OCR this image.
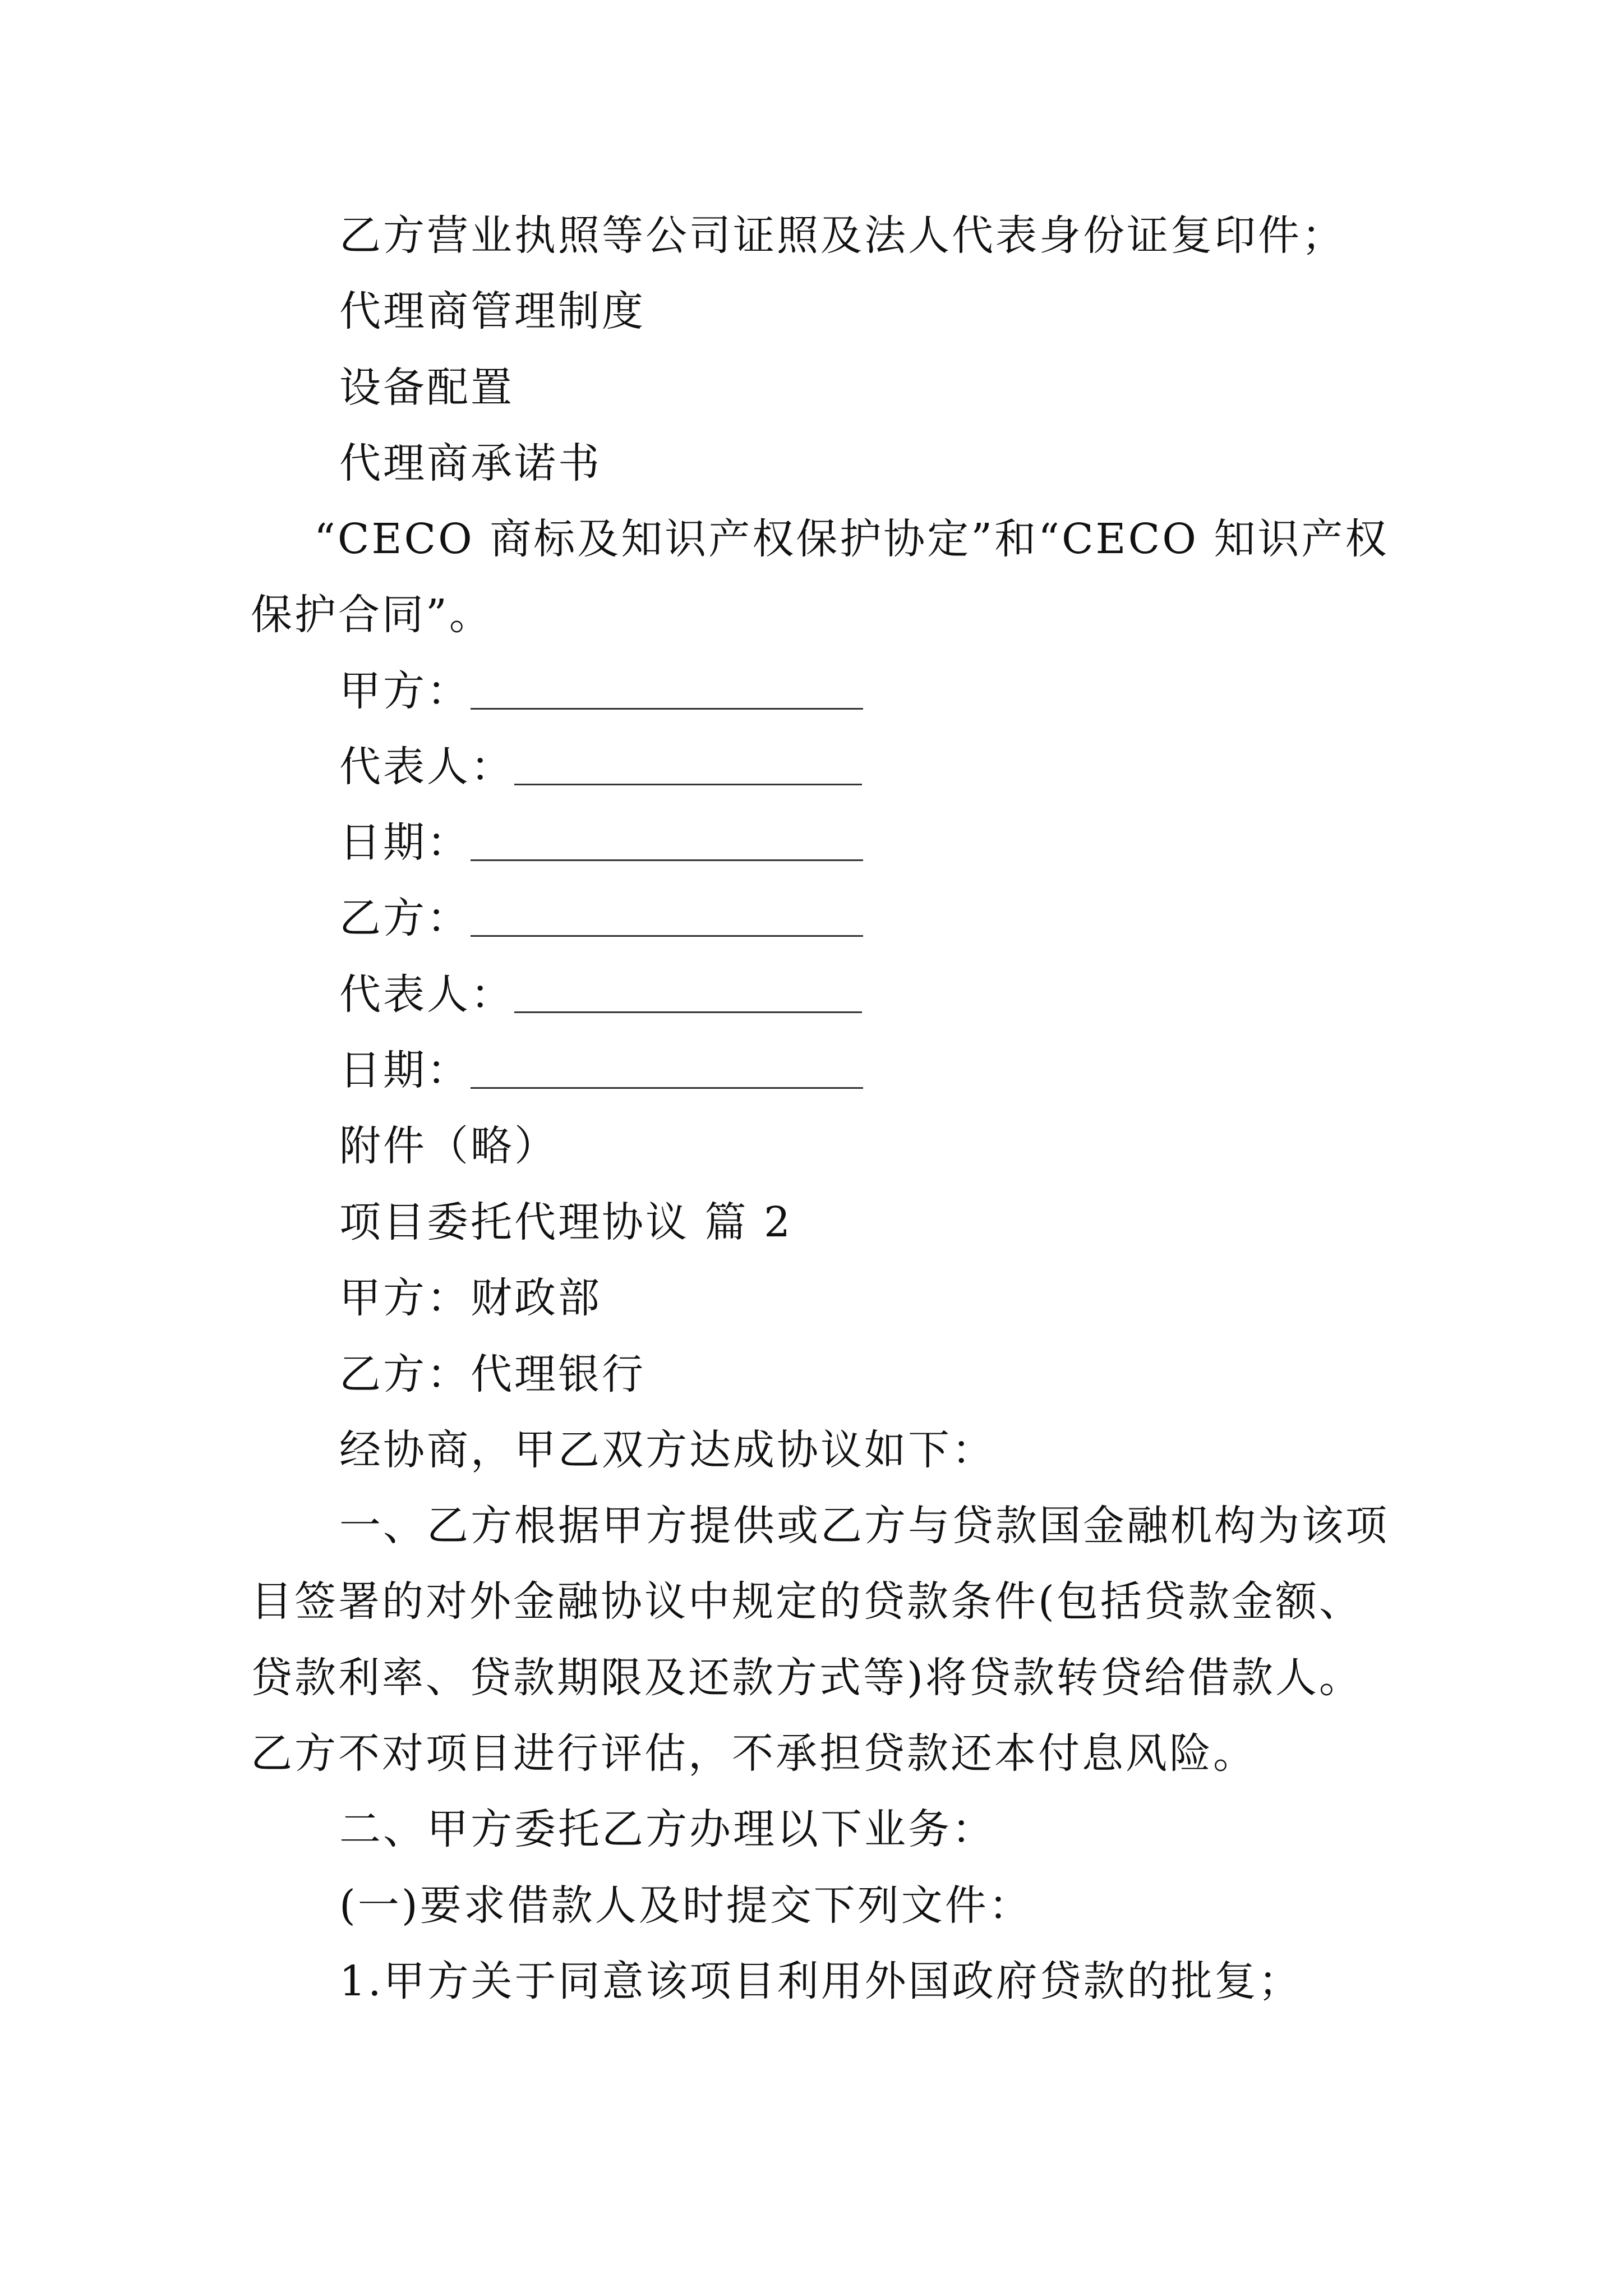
乙方营业执照等公司证照及法人代表身份证复印件；
代理商管理制度
设备配置
代理商承诺书
“CECO 商标及知识产权保护协定”和“CECO 知识产权
保护合同”。
甲方：
代表人：
日期：
乙方：
代表人：
日期：
附件（略）
项目委托代理协议 篇 2
甲方：财政部
乙方：代理银行
经协商，甲乙双方达成协议如下：
一、乙方根据甲方提供或乙方与贷款国金融机构为该项
目签署的对外金融协议中规定的贷款条件(包括贷款金额、
贷款利率、贷款期限及还款方式等)将贷款转贷给借款人。
乙方不对项目进行评估，不承担贷款还本付息风险。
二、甲方委托乙方办理以下业务：
(一)要求借款人及时提交下列文件：
1.甲方关于同意该项目利用外国政府贷款的批复；
